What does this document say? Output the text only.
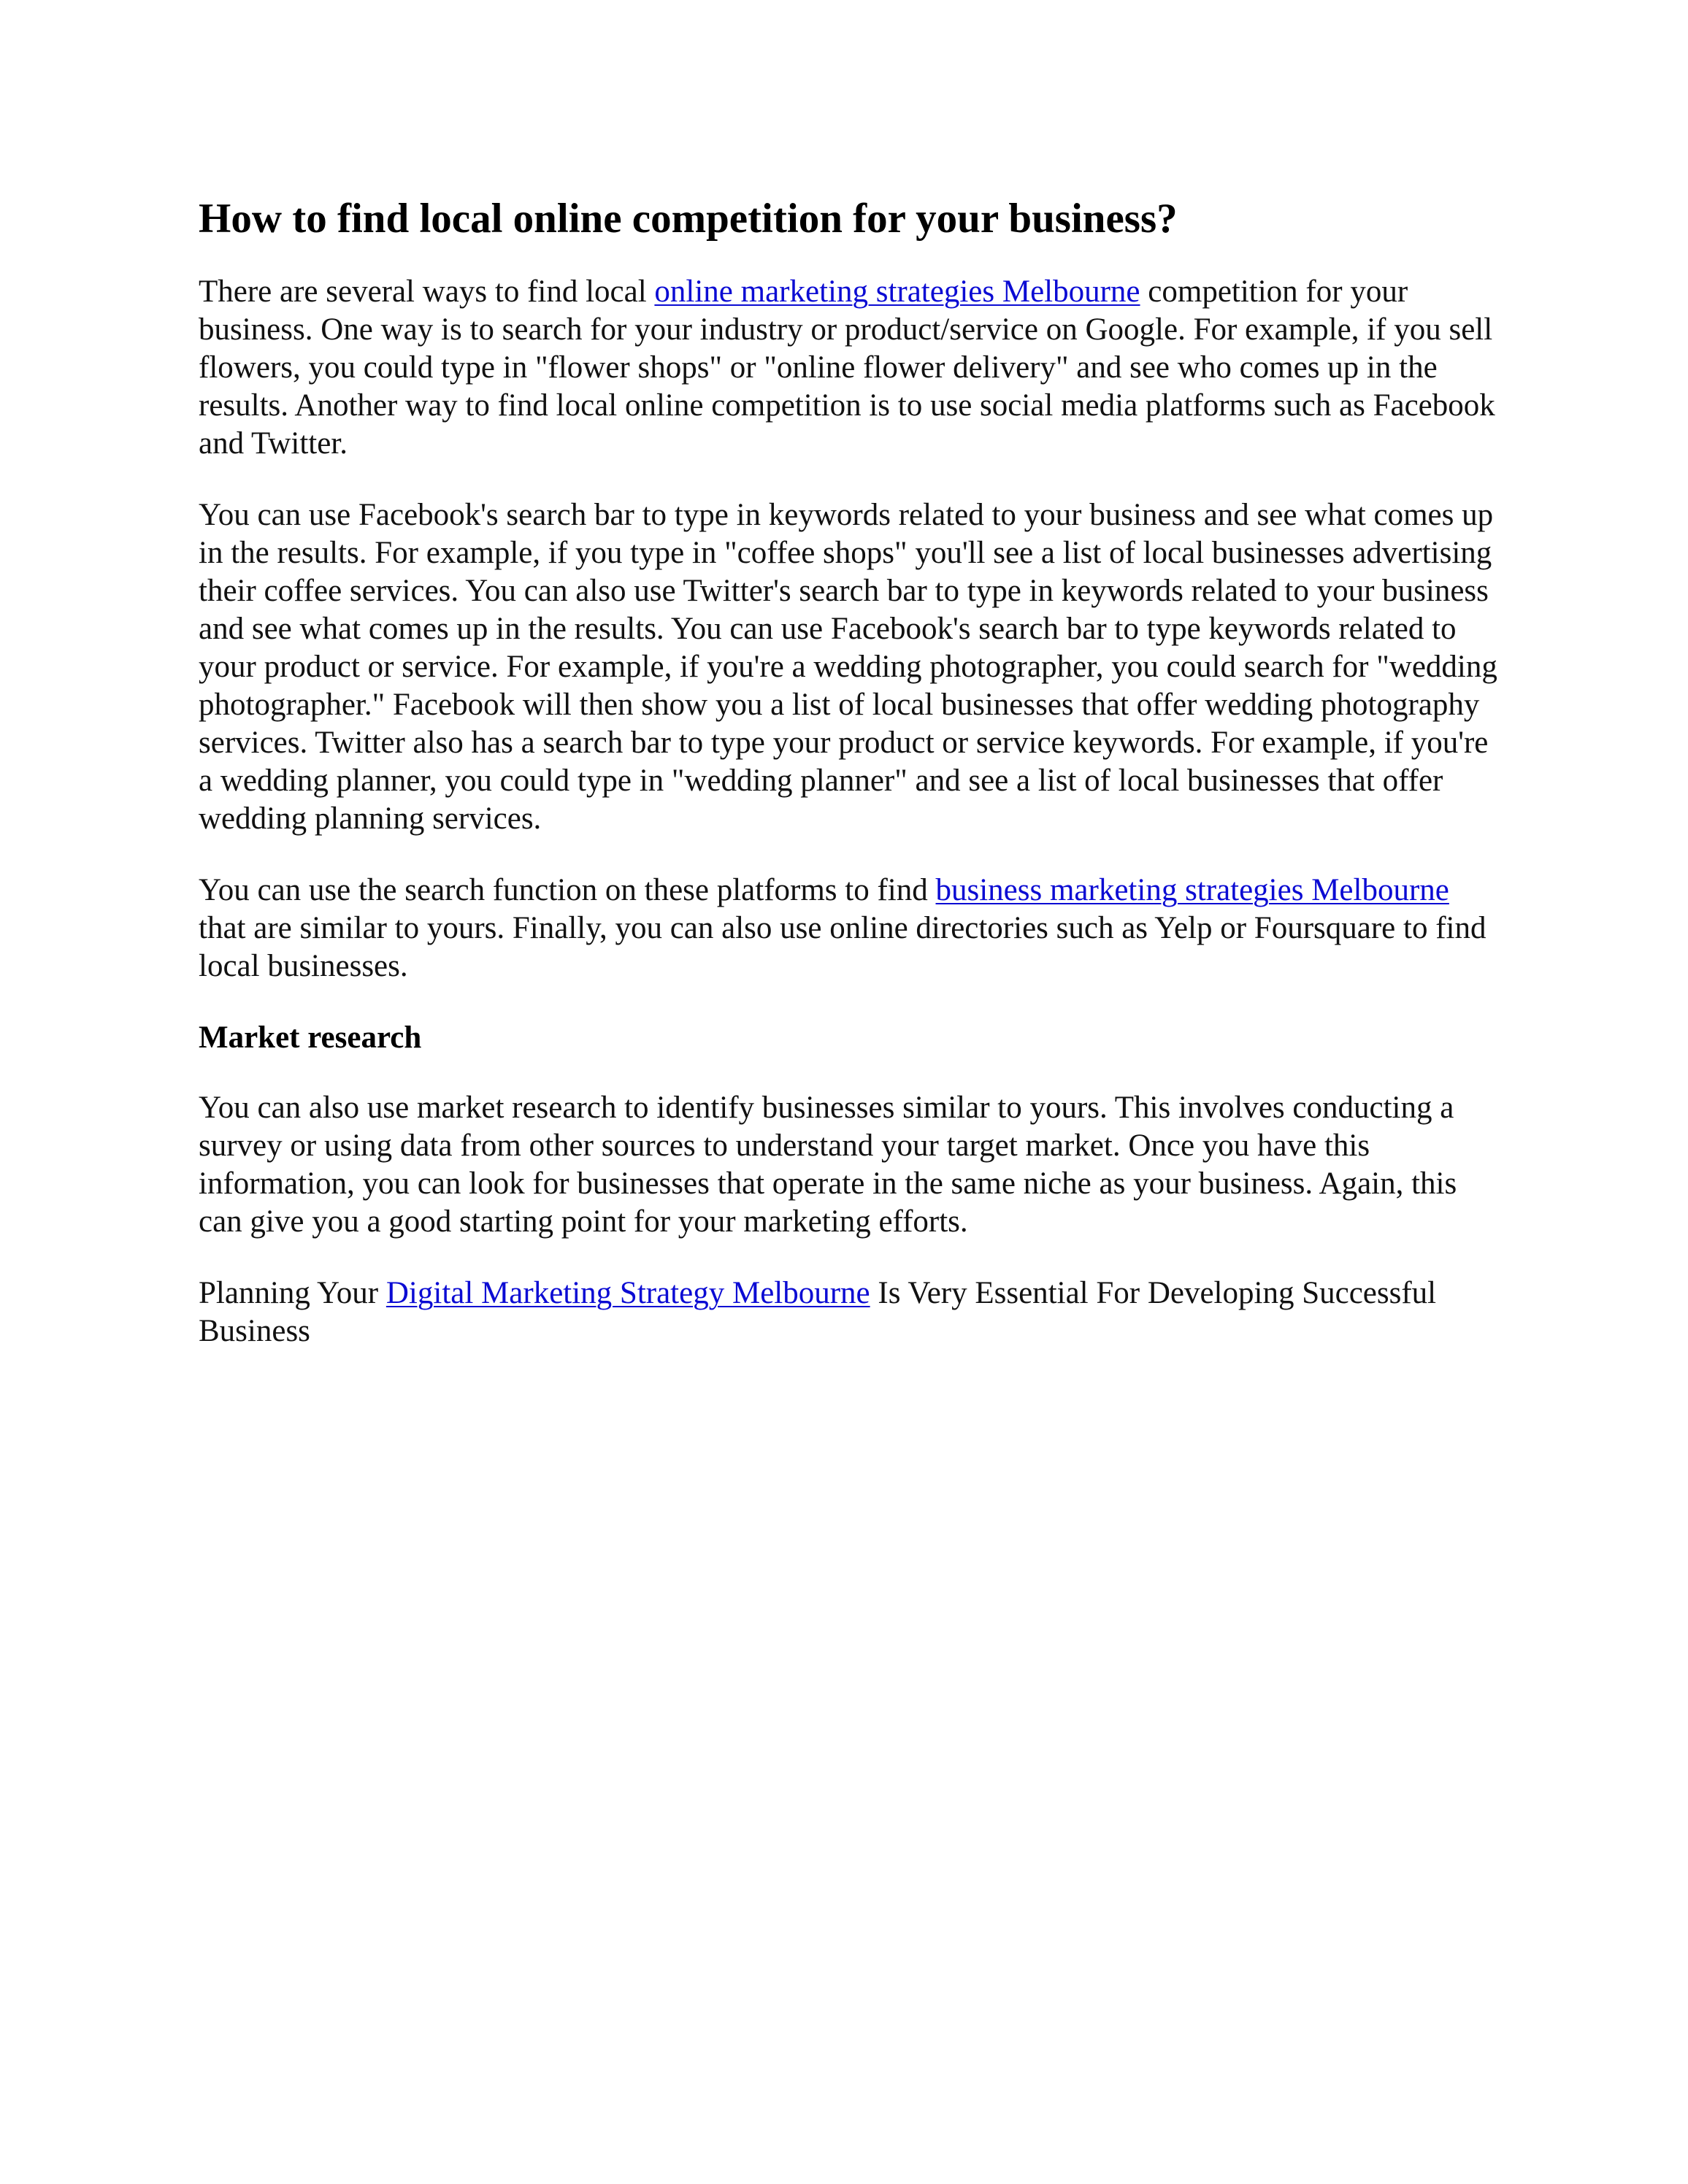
How to find local online competition for your business?

There are several ways to find local online marketing strategies Melbourne competition for your business. One way is to search for your industry or product/service on Google. For example, if you sell flowers, you could type in "flower shops" or "online flower delivery" and see who comes up in the results. Another way to find local online competition is to use social media platforms such as Facebook and Twitter.

You can use Facebook's search bar to type in keywords related to your business and see what comes up in the results. For example, if you type in "coffee shops" you'll see a list of local businesses advertising their coffee services. You can also use Twitter's search bar to type in keywords related to your business and see what comes up in the results. You can use Facebook's search bar to type keywords related to your product or service. For example, if you're a wedding photographer, you could search for "wedding photographer." Facebook will then show you a list of local businesses that offer wedding photography services. Twitter also has a search bar to type your product or service keywords. For example, if you're a wedding planner, you could type in "wedding planner" and see a list of local businesses that offer wedding planning services.

You can use the search function on these platforms to find business marketing strategies Melbourne that are similar to yours. Finally, you can also use online directories such as Yelp or Foursquare to find local businesses.

Market research

You can also use market research to identify businesses similar to yours. This involves conducting a survey or using data from other sources to understand your target market. Once you have this information, you can look for businesses that operate in the same niche as your business. Again, this can give you a good starting point for your marketing efforts.

Planning Your Digital Marketing Strategy Melbourne Is Very Essential For Developing Successful Business
